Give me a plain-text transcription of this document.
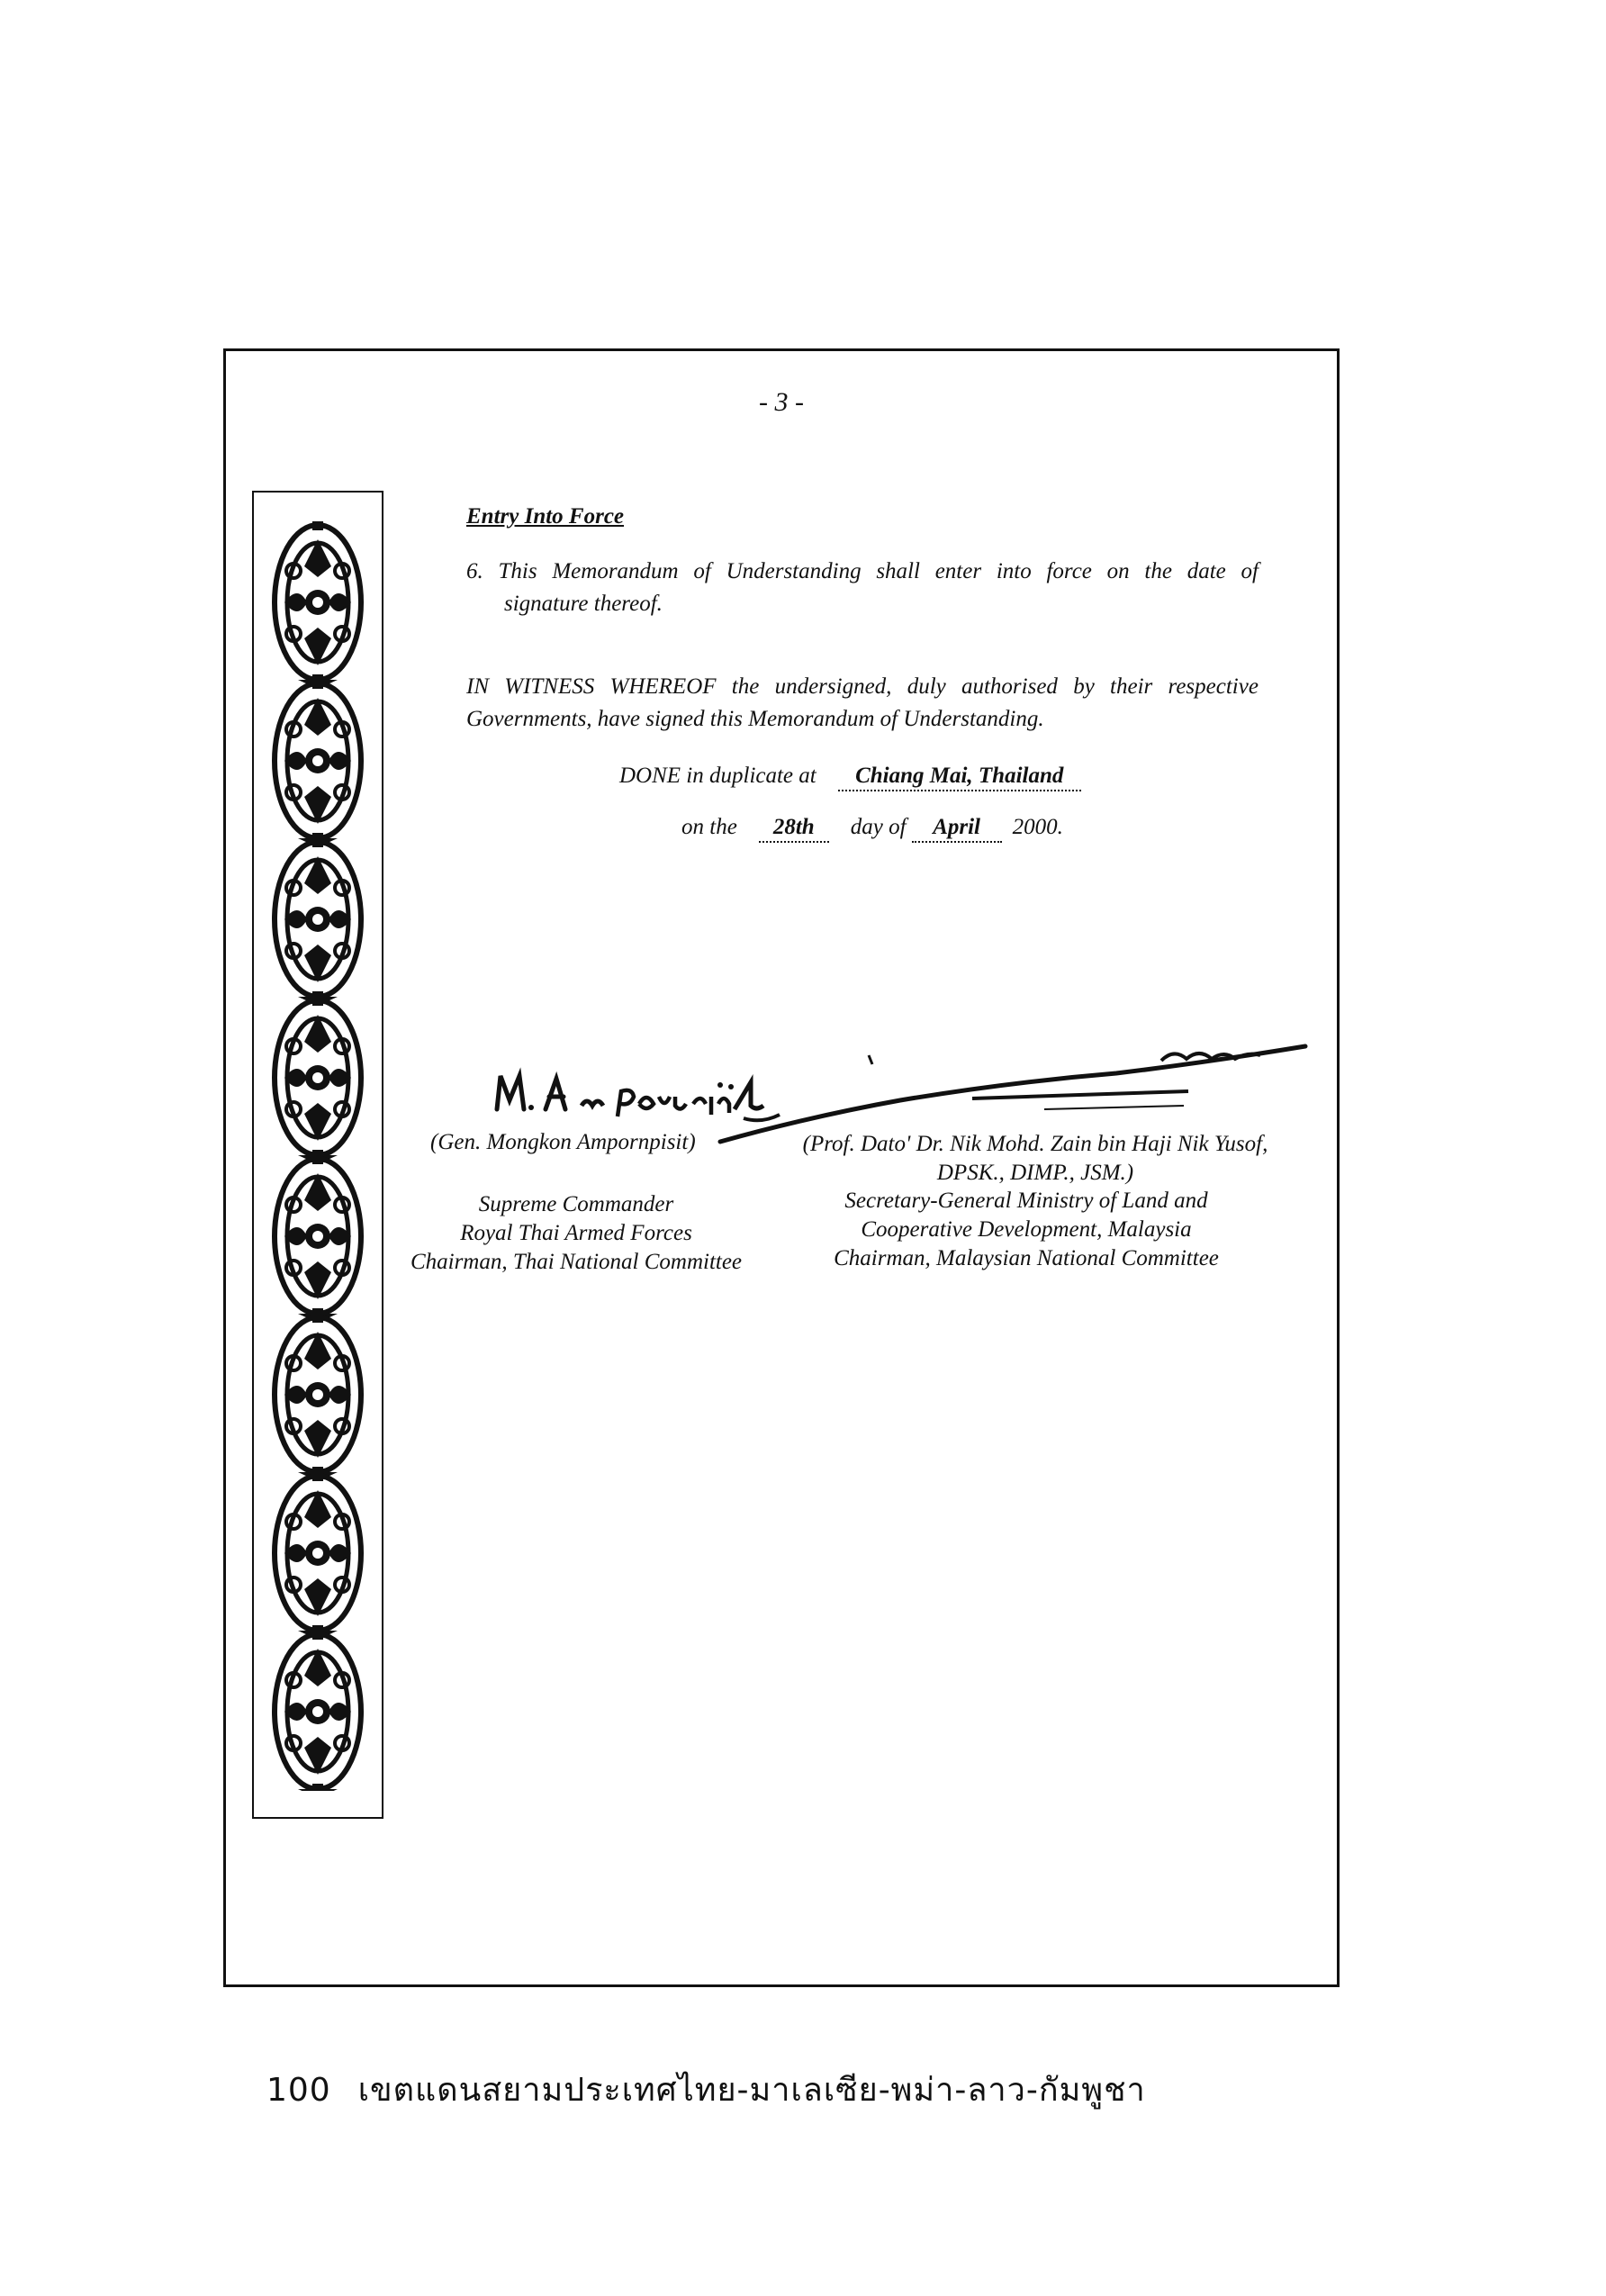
- 3 -
Entry Into Force
6. This Memorandum of Understanding shall enter into force on the date of
signature thereof.
IN WITNESS WHEREOF the undersigned, duly authorised by their respective
Governments, have signed this Memorandum of Understanding.
DONE in duplicate at Chiang Mai, Thailand
on the 28th day of April 2000.
(Gen. Mongkon Ampornpisit)
Supreme Commander
Royal Thai Armed Forces
Chairman, Thai National Committee
(Prof. Dato' Dr. Nik Mohd. Zain bin Haji Nik Yusof,
DPSK., DIMP., JSM.)
Secretary-General Ministry of Land and
Cooperative Development, Malaysia
Chairman, Malaysian National Committee
100 เขตแดนสยามประเทศไทย-มาเลเซีย-พม่า-ลาว-กัมพูชา
